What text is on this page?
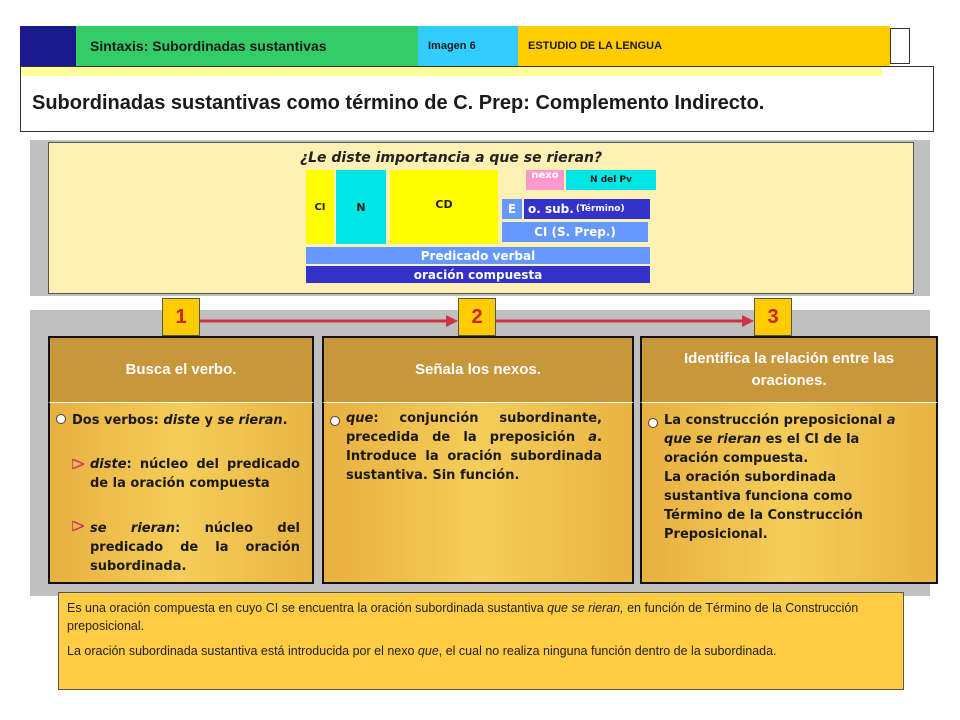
Sintaxis: Subordinadas sustantivas	Imagen 6	ESTUDIO DE LA LENGUA
Subordinadas sustantivas como término de C. Prep: Complemento Indirecto.
¿Le diste importancia a que se rieran?
CI	N	CD
nexo	N del Pv
E o. sub. (Término)
CI (S. Prep.)
Predicado verbal
oración compuesta
1	2	3
Busca el verbo.
Dos verbos: diste y se rieran.
diste: núcleo del predicado de la oración compuesta
se rieran: núcleo del predicado de la oración subordinada.
Señala los nexos.
que: conjunción subordinante, precedida de la preposición a. Introduce la oración subordinada sustantiva. Sin función.
Identifica la relación entre las oraciones.
La construcción preposicional a que se rieran es el CI de la oración compuesta.
La oración subordinada sustantiva funciona como Término de la Construcción Preposicional.

Es una oración compuesta en cuyo CI se encuentra la oración subordinada sustantiva que se rieran, en función de Término de la Construcción preposicional.

La oración subordinada sustantiva está introducida por el nexo que, el cual no realiza ninguna función dentro de la subordinada.
